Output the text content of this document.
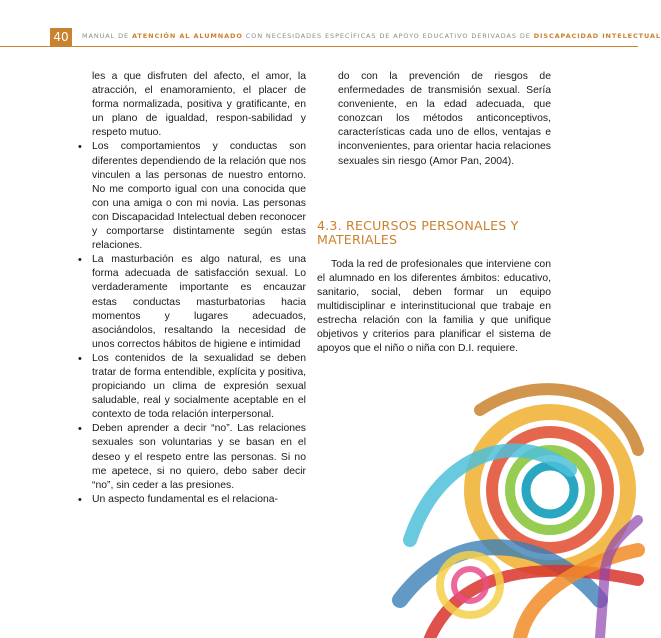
40	MANUAL DE ATENCIÓN AL ALUMNADO CON NECESIDADES ESPECÍFICAS DE APOYO EDUCATIVO DERIVADAS DE DISCAPACIDAD INTELECTUAL

les a que disfruten del afecto, el amor, la atracción, el enamoramiento, el placer de forma normalizada, positiva y gratificante, en un plano de igualdad, respon-sabilidad y respeto mutuo.

• Los comportamientos y conductas son diferentes dependiendo de la relación que nos vinculen a las personas de nuestro entorno. No me comporto igual con una conocida que con una amiga o con mi novia. Las personas con Discapacidad Intelectual deben reconocer y comportarse distintamente según estas relaciones.
• La masturbación es algo natural, es una forma adecuada de satisfacción sexual. Lo verdaderamente importante es encauzar estas conductas masturbatorias hacia momentos y lugares adecuados, asociándolos, resaltando la necesidad de unos correctos hábitos de higiene e intimidad
• Los contenidos de la sexualidad se deben tratar de forma entendible, explícita y positiva, propiciando un clima de expresión sexual saludable, real y socialmente aceptable en el contexto de toda relación interpersonal.
• Deben aprender a decir “no”. Las relaciones sexuales son voluntarias y se basan en el deseo y el respeto entre las personas. Si no me apetece, si no quiero, debo saber decir “no”, sin ceder a las presiones.
• Un aspecto fundamental es el relaciona-

do con la prevención de riesgos de enfermedades de transmisión sexual. Sería conveniente, en la edad adecuada, que conozcan los métodos anticonceptivos, características cada uno de ellos, ventajas e inconvenientes, para orientar hacia relaciones sexuales sin riesgo (Amor Pan, 2004).

4.3. RECURSOS PERSONALES Y MATERIALES

Toda la red de profesionales que interviene con el alumnado en los diferentes ámbitos: educativo, sanitario, social, deben formar un equipo multidisciplinar e interinstitucional que trabaje en estrecha relación con la familia y que unifique objetivos y criterios para planificar el sistema de apoyos que el niño o niña con D.I. requiere.
